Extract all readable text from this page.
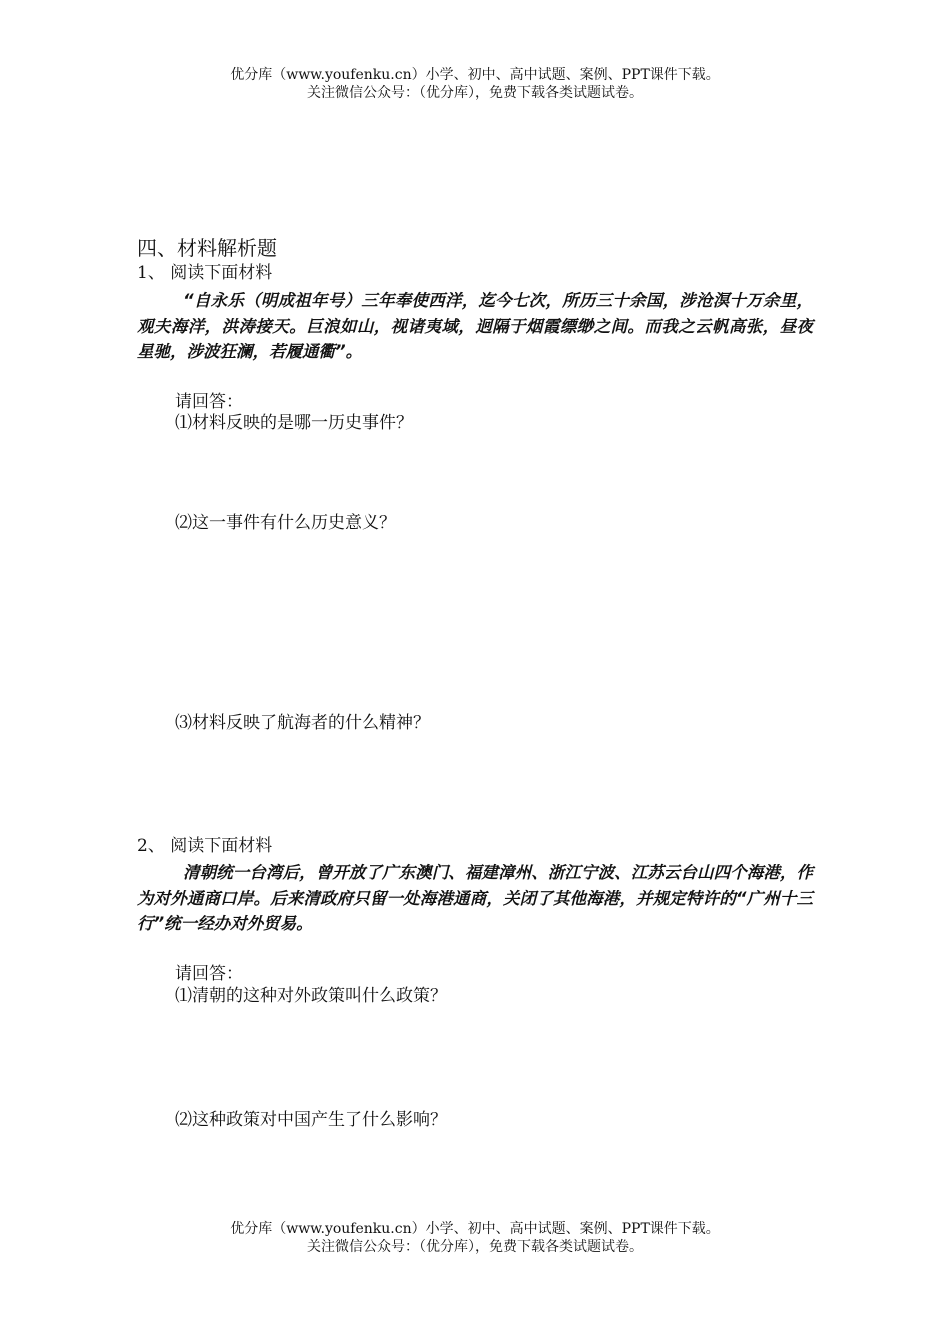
优分库（www.youfenku.cn）小学、初中、高中试题、案例、PPT课件下载。
关注微信公众号：（优分库），免费下载各类试题试卷。
四、材料解析题
1、 阅读下面材料
“自永乐（明成祖年号）三年奉使西洋，迄今七次，所历三十余国，涉沧溟十万余里，观夫海洋，洪涛接天。巨浪如山，视诸夷域，迥隔于烟霞缥缈之间。而我之云帆高张，昼夜星驰，涉波狂澜，若履通衢”。
请回答：
⑴材料反映的是哪一历史事件？
⑵这一事件有什么历史意义？
⑶材料反映了航海者的什么精神？
2、 阅读下面材料
清朝统一台湾后，曾开放了广东澳门、福建漳州、浙江宁波、江苏云台山四个海港，作为对外通商口岸。后来清政府只留一处海港通商，关闭了其他海港，并规定特许的“广州十三行”统一经办对外贸易。
请回答：
⑴清朝的这种对外政策叫什么政策？
⑵这种政策对中国产生了什么影响？
优分库（www.youfenku.cn）小学、初中、高中试题、案例、PPT课件下载。
关注微信公众号：（优分库），免费下载各类试题试卷。
